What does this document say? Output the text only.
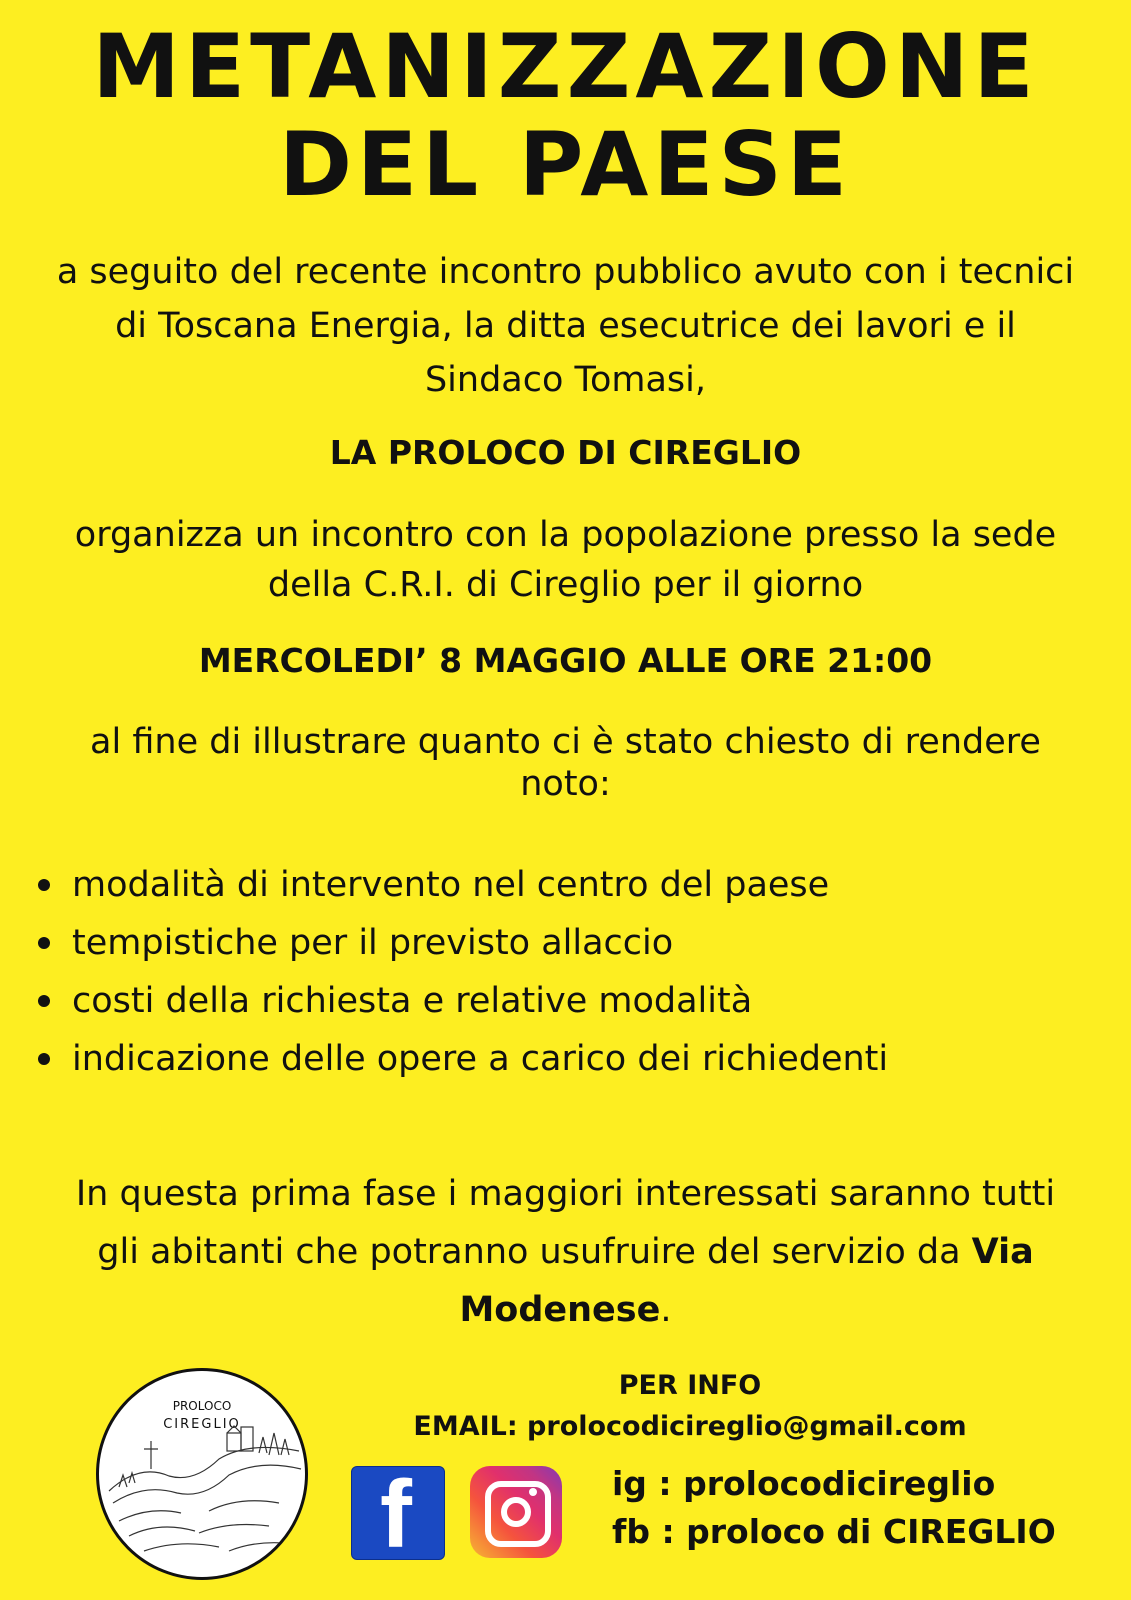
METANIZZAZIONE
DEL PAESE
a seguito del recente incontro pubblico avuto con i tecnici
di Toscana Energia, la ditta esecutrice dei lavori e il
Sindaco Tomasi,
LA PROLOCO DI CIREGLIO
organizza un incontro con la popolazione presso la sede
della C.R.I. di Cireglio per il giorno
MERCOLEDI’ 8 MAGGIO ALLE ORE 21:00
al fine di illustrare quanto ci è stato chiesto di rendere
noto:
modalità di intervento nel centro del paese
tempistiche per il previsto allaccio
costi della richiesta e relative modalità
indicazione delle opere a carico dei richiedenti
In questa prima fase i maggiori interessati saranno tutti
gli abitanti che potranno usufruire del servizio da Via
Modenese.
PROLOCO
CIREGLIO
PER INFO
EMAIL: prolocodicireglio@gmail.com
f	ig : prolocodicireglio
fb : proloco di CIREGLIO
